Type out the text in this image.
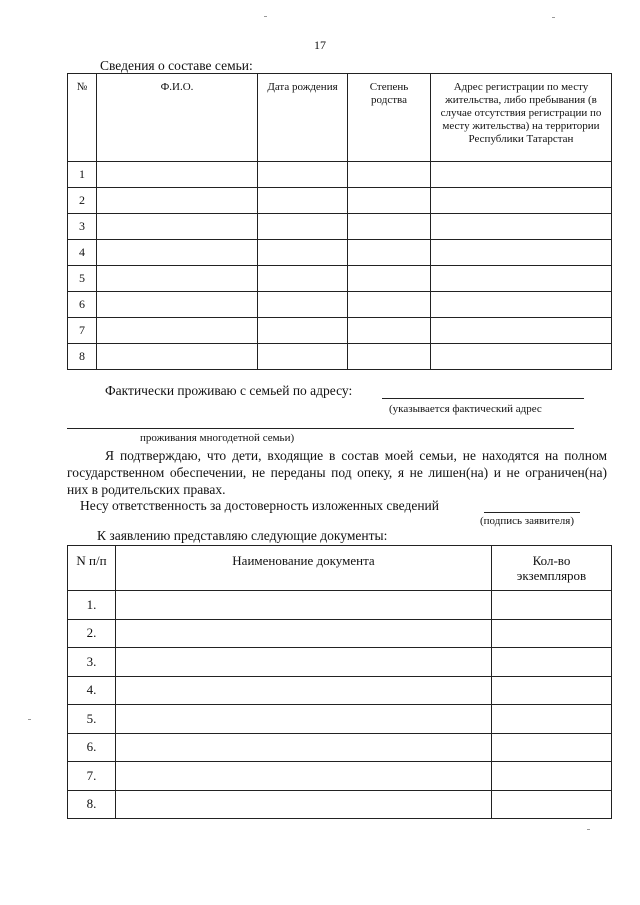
17
Сведения о составе семьи:
№	Ф.И.О.	Дата рождения	Степень родства	Адрес регистрации по месту жительства, либо пребывания (в случае отсутствия регистрации по месту жительства) на территории Республики Татарстан
1				
2				
3				
4				
5				
6				
7				
8				
Фактически проживаю с семьей по адресу:
(указывается фактический адрес
проживания многодетной семьи)
Я подтверждаю, что дети, входящие в состав моей семьи, не находятся на полном государственном обеспечении, не переданы под опеку, я не лишен(на) и не ограничен(на) них в родительских правах.
Несу ответственность за достоверность изложенных сведений
(подпись заявителя)
К заявлению представляю следующие документы:
N п/п	Наименование документа	Кол-во экземпляров
1.		
2.		
3.		
4.		
5.		
6.		
7.		
8.		
